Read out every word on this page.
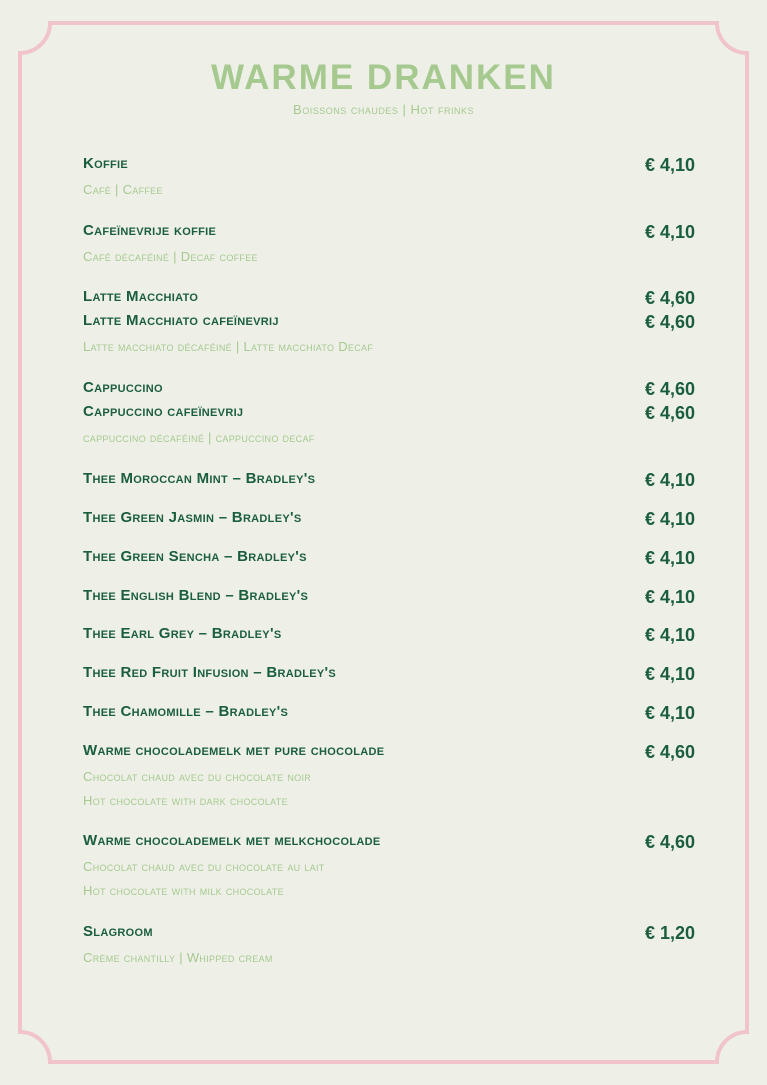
WARME DRANKEN
Boissons chaudes | Hot frinks
Koffie	€ 4,10
Café | Caffee
Cafeïnevrije koffie	€ 4,10
Café décaféiné | Decaf coffee
Latte Macchiato	€ 4,60
Latte Macchiato cafeïnevrij	€ 4,60
Latte macchiato décaféiné | Latte macchiato Decaf
Cappuccino	€ 4,60
Cappuccino cafeïnevrij	€ 4,60
cappuccino décaféiné | cappuccino decaf
Thee Moroccan Mint – Bradley's	€ 4,10
Thee Green Jasmin – Bradley's	€ 4,10
Thee Green Sencha – Bradley's	€ 4,10
Thee English Blend – Bradley's	€ 4,10
Thee Earl Grey – Bradley's	€ 4,10
Thee Red Fruit Infusion – Bradley's	€ 4,10
Thee Chamomille – Bradley's	€ 4,10
Warme chocolademelk met pure chocolade	€ 4,60
Chocolat chaud avec du chocolate noir
Hot chocolate with dark chocolate
Warme chocolademelk met melkchocolade	€ 4,60
Chocolat chaud avec du chocolate au lait
Hot chocolate with milk chocolate
Slagroom	€ 1,20
Crème chantilly | Whipped cream
